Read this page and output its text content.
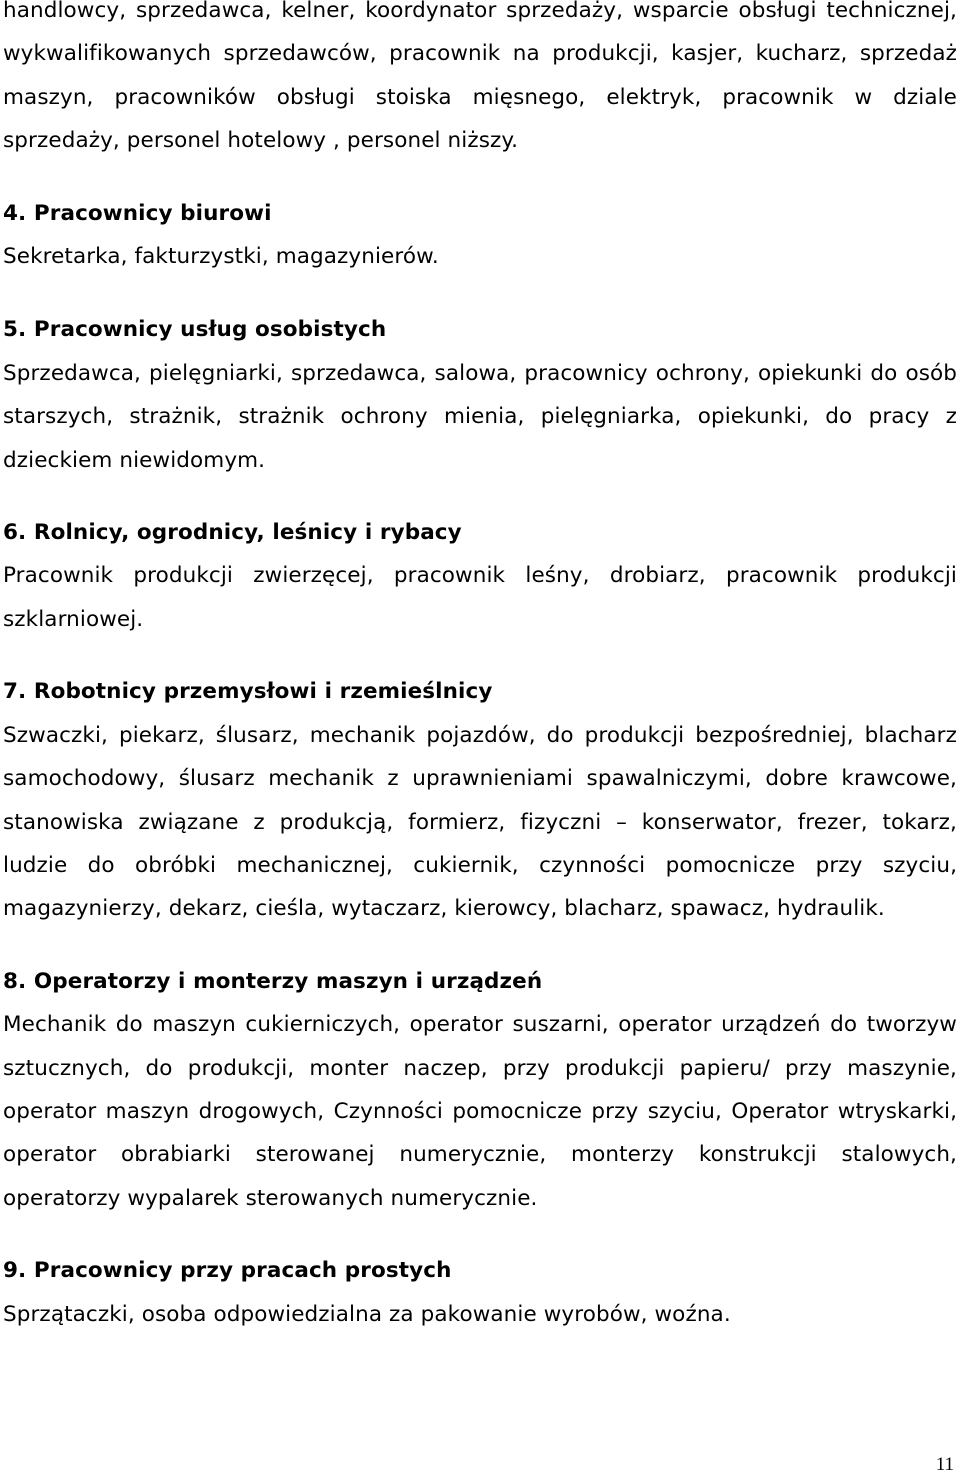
handlowcy, sprzedawca, kelner, koordynator sprzedaży, wsparcie obsługi technicznej, wykwalifikowanych sprzedawców, pracownik na produkcji, kasjer, kucharz, sprzedaż maszyn, pracowników obsługi stoiska mięsnego, elektryk, pracownik w dziale sprzedaży, personel hotelowy , personel niższy.

4. Pracownicy biurowi

Sekretarka, fakturzystki, magazynierów.

5. Pracownicy usług osobistych

Sprzedawca, pielęgniarki, sprzedawca, salowa, pracownicy ochrony, opiekunki do osób starszych, strażnik, strażnik ochrony mienia, pielęgniarka, opiekunki, do pracy z dzieckiem niewidomym.

6. Rolnicy, ogrodnicy, leśnicy i rybacy

Pracownik produkcji zwierzęcej, pracownik leśny, drobiarz, pracownik produkcji szklarniowej.

7. Robotnicy przemysłowi i rzemieślnicy

Szwaczki, piekarz, ślusarz, mechanik pojazdów, do produkcji bezpośredniej, blacharz samochodowy, ślusarz mechanik z uprawnieniami spawalniczymi, dobre krawcowe, stanowiska związane z produkcją, formierz, fizyczni – konserwator, frezer, tokarz, ludzie do obróbki mechanicznej, cukiernik, czynności pomocnicze przy szyciu, magazynierzy, dekarz, cieśla, wytaczarz, kierowcy, blacharz, spawacz, hydraulik.

8. Operatorzy i monterzy maszyn i urządzeń

Mechanik do maszyn cukierniczych, operator suszarni, operator urządzeń do tworzyw sztucznych, do produkcji, monter naczep, przy produkcji papieru/ przy maszynie, operator maszyn drogowych, Czynności pomocnicze przy szyciu, Operator wtryskarki, operator obrabiarki sterowanej numerycznie, monterzy konstrukcji stalowych, operatorzy wypalarek sterowanych numerycznie.

9. Pracownicy przy pracach prostych

Sprzątaczki, osoba odpowiedzialna za pakowanie wyrobów, woźna.

11
